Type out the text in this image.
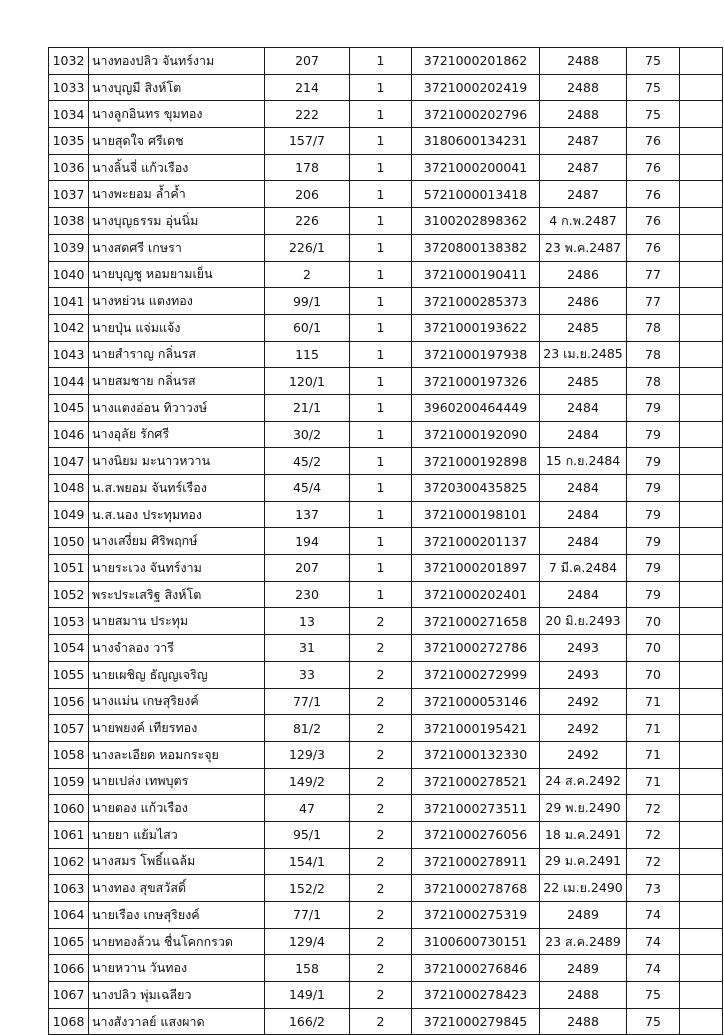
1032	นางทองปลิว จันทร์งาม	207	1	3721000201862	2488	75	
1033	นางบุญมี สิงห์โต	214	1	3721000202419	2488	75	
1034	นางลูกอินทร ขุมทอง	222	1	3721000202796	2488	75	
1035	นายสุดใจ ศรีเดช	157/7	1	3180600134231	2487	76	
1036	นางลิ้นจี่ แก้วเรือง	178	1	3721000200041	2487	76	
1037	นางพะยอม ล้ำค้ำ	206	1	5721000013418	2487	76	
1038	นางบุญธรรม อุ่นนิ่ม	226	1	3100202898362	4 ก.พ.2487	76	
1039	นางสดศรี เกษรา	226/1	1	3720800138382	23 พ.ค.2487	76	
1040	นายบุญชู หอมยามเย็น	2	1	3721000190411	2486	77	
1041	นางหย่วน แตงทอง	99/1	1	3721000285373	2486	77	
1042	นายปุ่น แจ่มแจ้ง	60/1	1	3721000193622	2485	78	
1043	นายสำราญ กลิ่นรส	115	1	3721000197938	23 เม.ย.2485	78	
1044	นายสมชาย กลิ่นรส	120/1	1	3721000197326	2485	78	
1045	นางแตงอ่อน ทิวาวงษ์	21/1	1	3960200464449	2484	79	
1046	นางอุลัย รักศรี	30/2	1	3721000192090	2484	79	
1047	นางนิยม มะนาวหวาน	45/2	1	3721000192898	15 ก.ย.2484	79	
1048	น.ส.พยอม จันทร์เรือง	45/4	1	3720300435825	2484	79	
1049	น.ส.นอง ประทุมทอง	137	1	3721000198101	2484	79	
1050	นางเสงี่ยม ศิริพฤกษ์	194	1	3721000201137	2484	79	
1051	นายระเวง จันทร์งาม	207	1	3721000201897	7 มี.ค.2484	79	
1052	พระประเสริฐ สิงห์โต	230	1	3721000202401	2484	79	
1053	นายสมาน ประทุม	13	2	3721000271658	20 มิ.ย.2493	70	
1054	นางจำลอง วารี	31	2	3721000272786	2493	70	
1055	นายเผชิญ ธัญญเจริญ	33	2	3721000272999	2493	70	
1056	นางแม่น เกษสุริยงค์	77/1	2	3721000053146	2492	71	
1057	นายพยงค์ เทียรทอง	81/2	2	3721000195421	2492	71	
1058	นางละเอียด หอมกระจุย	129/3	2	3721000132330	2492	71	
1059	นายเปล่ง เทพบุตร	149/2	2	3721000278521	24 ส.ค.2492	71	
1060	นายตอง แก้วเรือง	47	2	3721000273511	29 พ.ย.2490	72	
1061	นายยา แย้มไสว	95/1	2	3721000276056	18 ม.ค.2491	72	
1062	นางสมร โพธิ์แฉล้ม	154/1	2	3721000278911	29 ม.ค.2491	72	
1063	นางทอง สุขสวัสดิ์	152/2	2	3721000278768	22 เม.ย.2490	73	
1064	นายเรือง เกษสุริยงค์	77/1	2	3721000275319	2489	74	
1065	นายทองล้วน ชื่นโคกกรวด	129/4	2	3100600730151	23 ส.ค.2489	74	
1066	นายหวาน วันทอง	158	2	3721000276846	2489	74	
1067	นางปลิว พุ่มเฉลียว	149/1	2	3721000278423	2488	75	
1068	นางสังวาลย์ แสงผาด	166/2	2	3721000279845	2488	75	
